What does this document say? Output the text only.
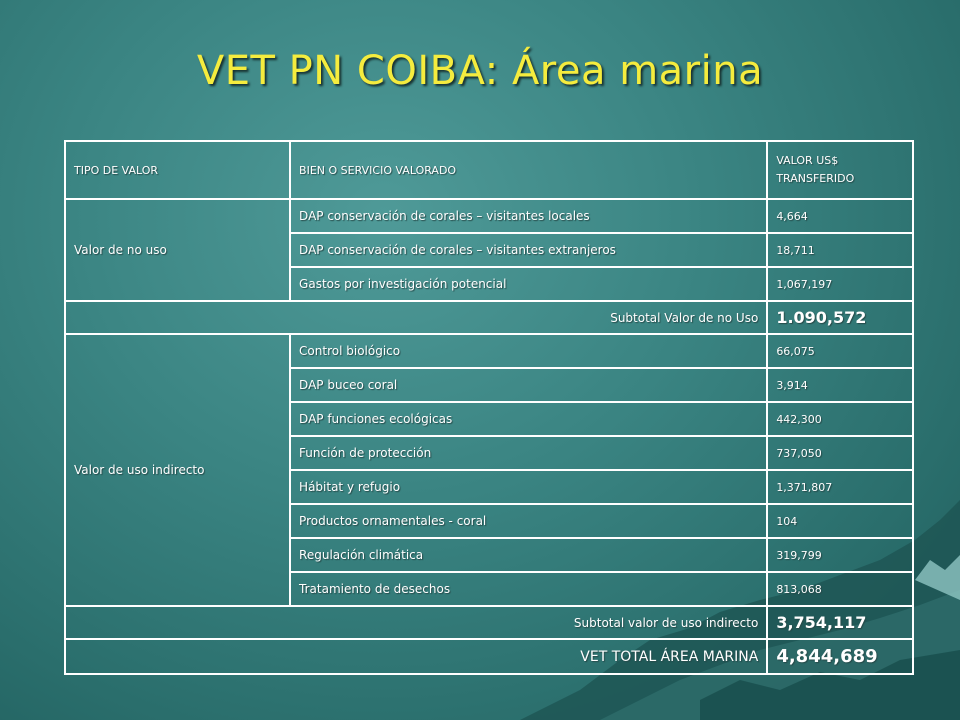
VET PN COIBA: Área marina
TIPO DE VALOR	BIEN O SERVICIO VALORADO	VALOR US$ TRANSFERIDO
Valor de no uso	DAP conservación de corales – visitantes locales	4,664
	DAP conservación de corales – visitantes extranjeros	18,711
	Gastos por investigación potencial	1,067,197
Subtotal Valor de no Uso		1.090,572
Valor de uso indirecto	Control biológico	66,075
	DAP buceo coral	3,914
	DAP funciones ecológicas	442,300
	Función de protección	737,050
	Hábitat y refugio	1,371,807
	Productos ornamentales - coral	104
	Regulación climática	319,799
	Tratamiento de desechos	813,068
Subtotal valor de uso indirecto		3,754,117
VET TOTAL ÁREA MARINA		4,844,689
